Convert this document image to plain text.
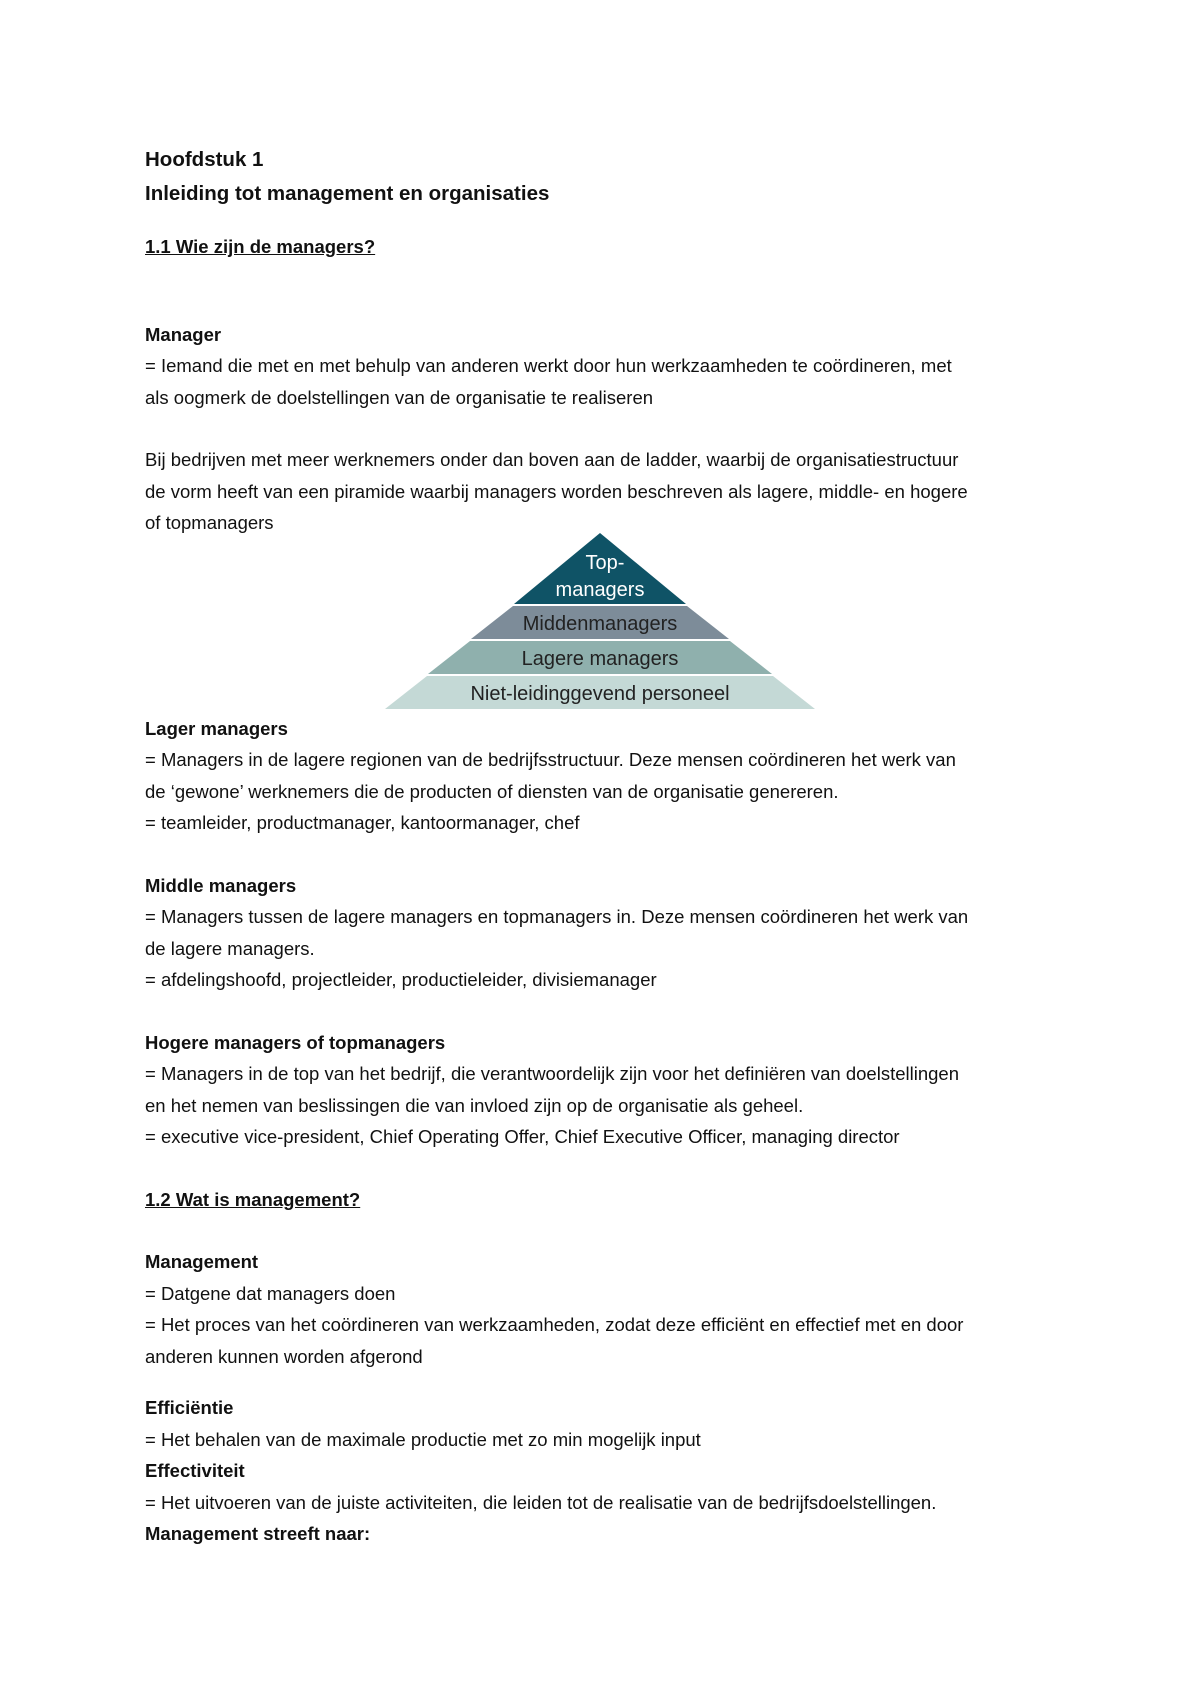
Hoofdstuk 1

Inleiding tot management en organisaties

1.1 Wie zijn de managers?

Manager

= Iemand die met en met behulp van anderen werkt door hun werkzaamheden te coördineren, met

als oogmerk de doelstellingen van de organisatie te realiseren

Bij bedrijven met meer werknemers onder dan boven aan de ladder, waarbij de organisatiestructuur

de vorm heeft van een piramide waarbij managers worden beschreven als lagere, middle- en hogere

of topmanagers

Top-
managers
Middenmanagers
Lagere managers
Niet-leidinggevend personeel

Lager managers

= Managers in de lagere regionen van de bedrijfsstructuur. Deze mensen coördineren het werk van

de ‘gewone’ werknemers die de producten of diensten van de organisatie genereren.

= teamleider, productmanager, kantoormanager, chef

Middle managers

= Managers tussen de lagere managers en topmanagers in. Deze mensen coördineren het werk van

de lagere managers.

= afdelingshoofd, projectleider, productieleider, divisiemanager

Hogere managers of topmanagers

= Managers in de top van het bedrijf, die verantwoordelijk zijn voor het definiëren van doelstellingen

en het nemen van beslissingen die van invloed zijn op de organisatie als geheel.

= executive vice-president, Chief Operating Offer, Chief Executive Officer, managing director

1.2 Wat is management?

Management

= Datgene dat managers doen

= Het proces van het coördineren van werkzaamheden, zodat deze efficiënt en effectief met en door

anderen kunnen worden afgerond

Efficiëntie

= Het behalen van de maximale productie met zo min mogelijk input

Effectiviteit

= Het uitvoeren van de juiste activiteiten, die leiden tot de realisatie van de bedrijfsdoelstellingen.

Management streeft naar:
